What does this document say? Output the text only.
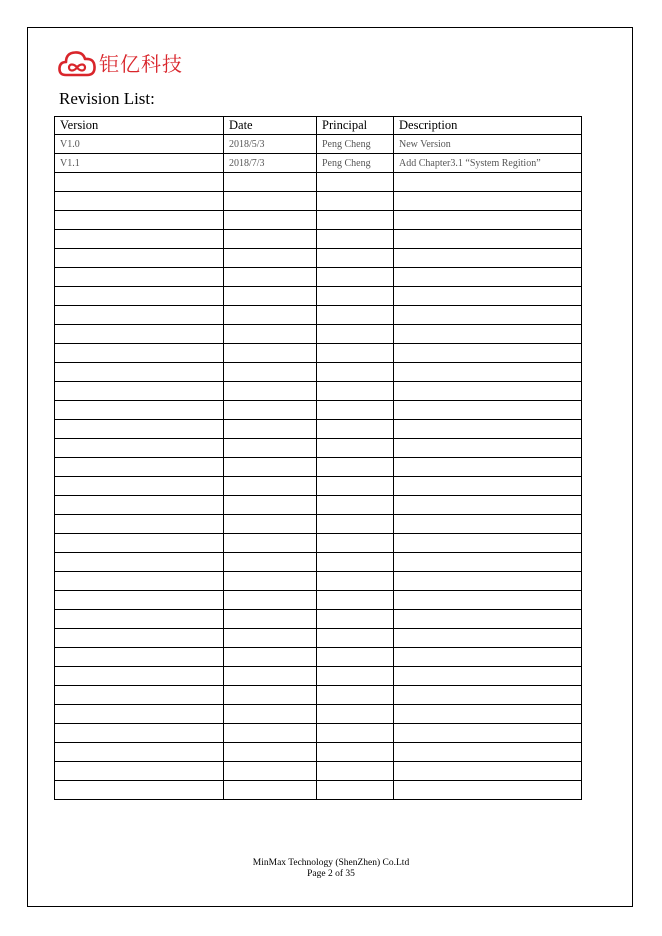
钜亿科技
Revision List:
Version	Date	Principal	Description
V1.0	2018/5/3	Peng Cheng	New Version
V1.1	2018/7/3	Peng Cheng	Add Chapter3.1 “System Regition”

MinMax Technology (ShenZhen) Co.Ltd
Page 2 of 35
